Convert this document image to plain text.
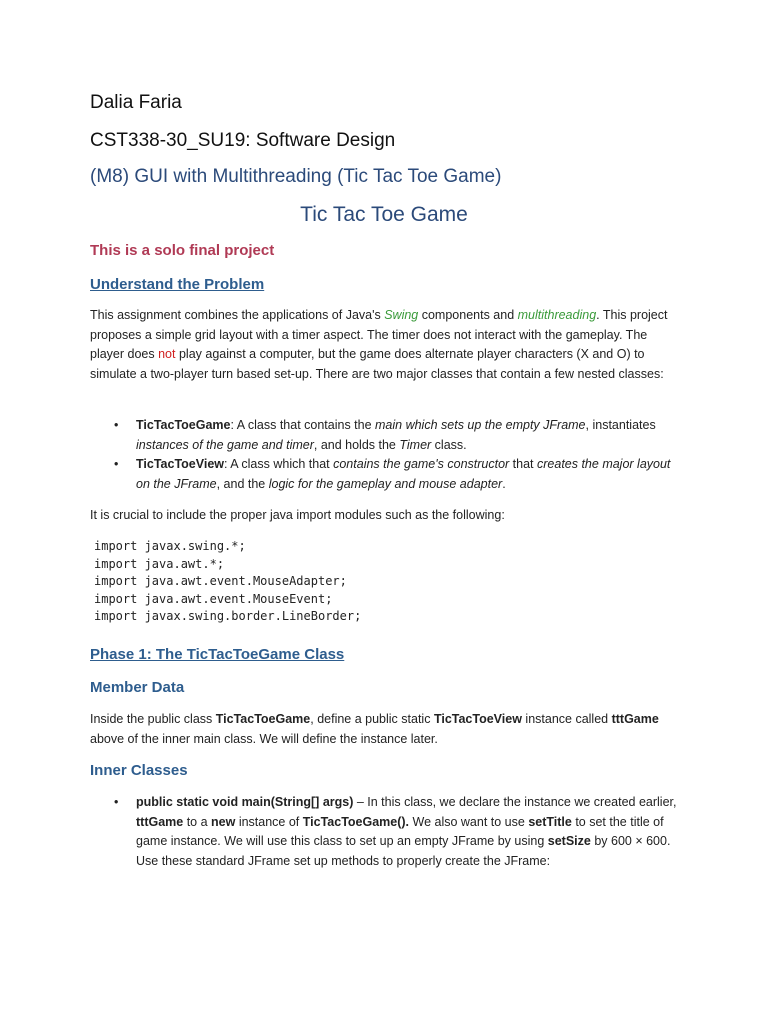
Dalia Faria
CST338-30_SU19: Software Design
(M8) GUI with Multithreading (Tic Tac Toe Game)
Tic Tac Toe Game
This is a solo final project
Understand the Problem
This assignment combines the applications of Java's Swing components and multithreading. This project proposes a simple grid layout with a timer aspect. The timer does not interact with the gameplay. The player does not play against a computer, but the game does alternate player characters (X and O) to simulate a two-player turn based set-up. There are two major classes that contain a few nested classes:
• TicTacToeGame: A class that contains the main which sets up the empty JFrame, instantiates instances of the game and timer, and holds the Timer class.
• TicTacToeView: A class which that contains the game's constructor that creates the major layout on the JFrame, and the logic for the gameplay and mouse adapter.
It is crucial to include the proper java import modules such as the following:
import javax.swing.*;
import java.awt.*;
import java.awt.event.MouseAdapter;
import java.awt.event.MouseEvent;
import javax.swing.border.LineBorder;
Phase 1: The TicTacToeGame Class
Member Data
Inside the public class TicTacToeGame, define a public static TicTacToeView instance called tttGame above of the inner main class. We will define the instance later.
Inner Classes
• public static void main(String[] args) – In this class, we declare the instance we created earlier, tttGame to a new instance of TicTacToeGame(). We also want to use setTitle to set the title of game instance. We will use this class to set up an empty JFrame by using setSize by 600 × 600. Use these standard JFrame set up methods to properly create the JFrame:
